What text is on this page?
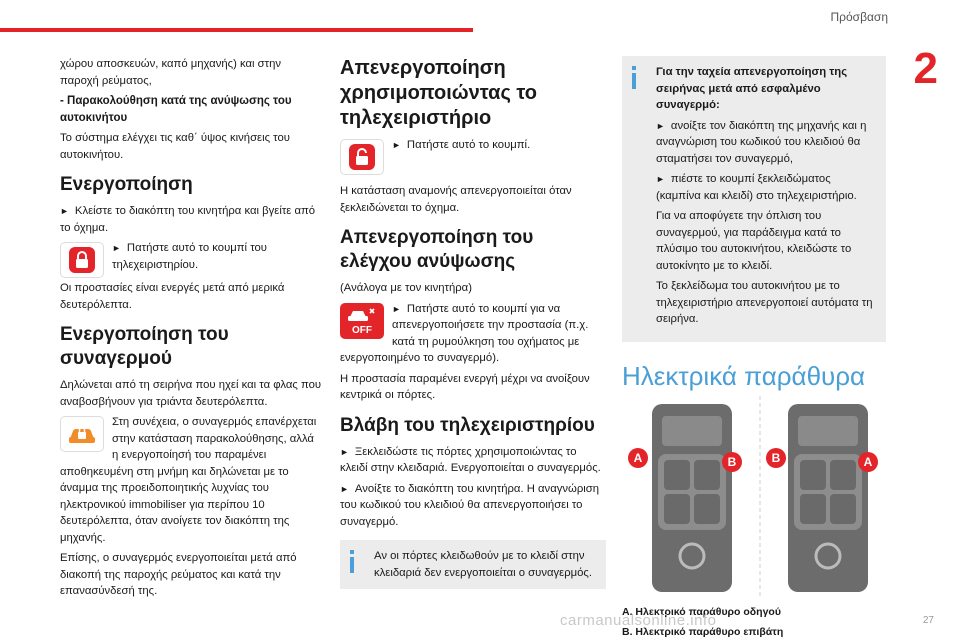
Πρόσβαση
2
27

χώρου αποσκευών, καπό μηχανής) και στην παροχή ρεύματος,

- Παρακολούθηση κατά της ανύψωσης του αυτοκινήτου

Το σύστημα ελέγχει τις καθ΄ ύψος κινήσεις του αυτοκινήτου.

Ενεργοποίηση

► Κλείστε το διακόπτη του κινητήρα και βγείτε από το όχημα.

► Πατήστε αυτό το κουμπί του τηλεχειριστηρίου.

Οι προστασίες είναι ενεργές μετά από μερικά δευτερόλεπτα.

Ενεργοποίηση του συναγερμού

Δηλώνεται από τη σειρήνα που ηχεί και τα φλας που αναβοσβήνουν για τριάντα δευτερόλεπτα.

Στη συνέχεια, ο συναγερμός επανέρχεται στην κατάσταση παρακολούθησης, αλλά η ενεργοποίησή του παραμένει αποθηκευμένη στη μνήμη και δηλώνεται με το άναμμα της προειδοποιητικής λυχνίας του ηλεκτρονικού immobiliser για περίπου 10 δευτερόλεπτα, όταν ανοίγετε τον διακόπτη της μηχανής.

Επίσης, ο συναγερμός ενεργοποιείται μετά από διακοπή της παροχής ρεύματος και κατά την επανασύνδεσή της.

Απενεργοποίηση χρησιμοποιώντας το τηλεχειριστήριο

► Πατήστε αυτό το κουμπί.

Η κατάσταση αναμονής απενεργοποιείται όταν ξεκλειδώνεται το όχημα.

Απενεργοποίηση του ελέγχου ανύψωσης

(Ανάλογα με τον κινητήρα)

OFF

► Πατήστε αυτό το κουμπί για να απενεργοποιήσετε την προστασία (π.χ. κατά τη ρυμούλκηση του οχήματος με ενεργοποιημένο το συναγερμό).

Η προστασία παραμένει ενεργή μέχρι να ανοίξουν κεντρικά οι πόρτες.

Βλάβη του τηλεχειριστηρίου

► Ξεκλειδώστε τις πόρτες χρησιμοποιώντας το κλειδί στην κλειδαριά. Ενεργοποιείται ο συναγερμός.

► Ανοίξτε το διακόπτη του κινητήρα. Η αναγνώριση του κωδικού του κλειδιού θα απενεργοποιήσει το συναγερμό.

Αν οι πόρτες κλειδωθούν με το κλειδί στην κλειδαριά δεν ενεργοποιείται ο συναγερμός.

Για την ταχεία απενεργοποίηση της σειρήνας μετά από εσφαλμένο συναγερμό:

► ανοίξτε τον διακόπτη της μηχανής και η αναγνώριση του κωδικού του κλειδιού θα σταματήσει τον συναγερμό,

► πιέστε το κουμπί ξεκλειδώματος (καμπίνα και κλειδί) στο τηλεχειριστήριο.

Για να αποφύγετε την όπλιση του συναγερμού, για παράδειγμα κατά το πλύσιμο του αυτοκινήτου, κλειδώστε το αυτοκίνητο με το κλειδί.

Το ξεκλείδωμα του αυτοκινήτου με το τηλεχειριστήριο απενεργοποιεί αυτόματα τη σειρήνα.

Ηλεκτρικά παράθυρα
A	B	B	A
A. Ηλεκτρικό παράθυρο οδηγού
B. Ηλεκτρικό παράθυρο επιβάτη
carmanualsonline.info
